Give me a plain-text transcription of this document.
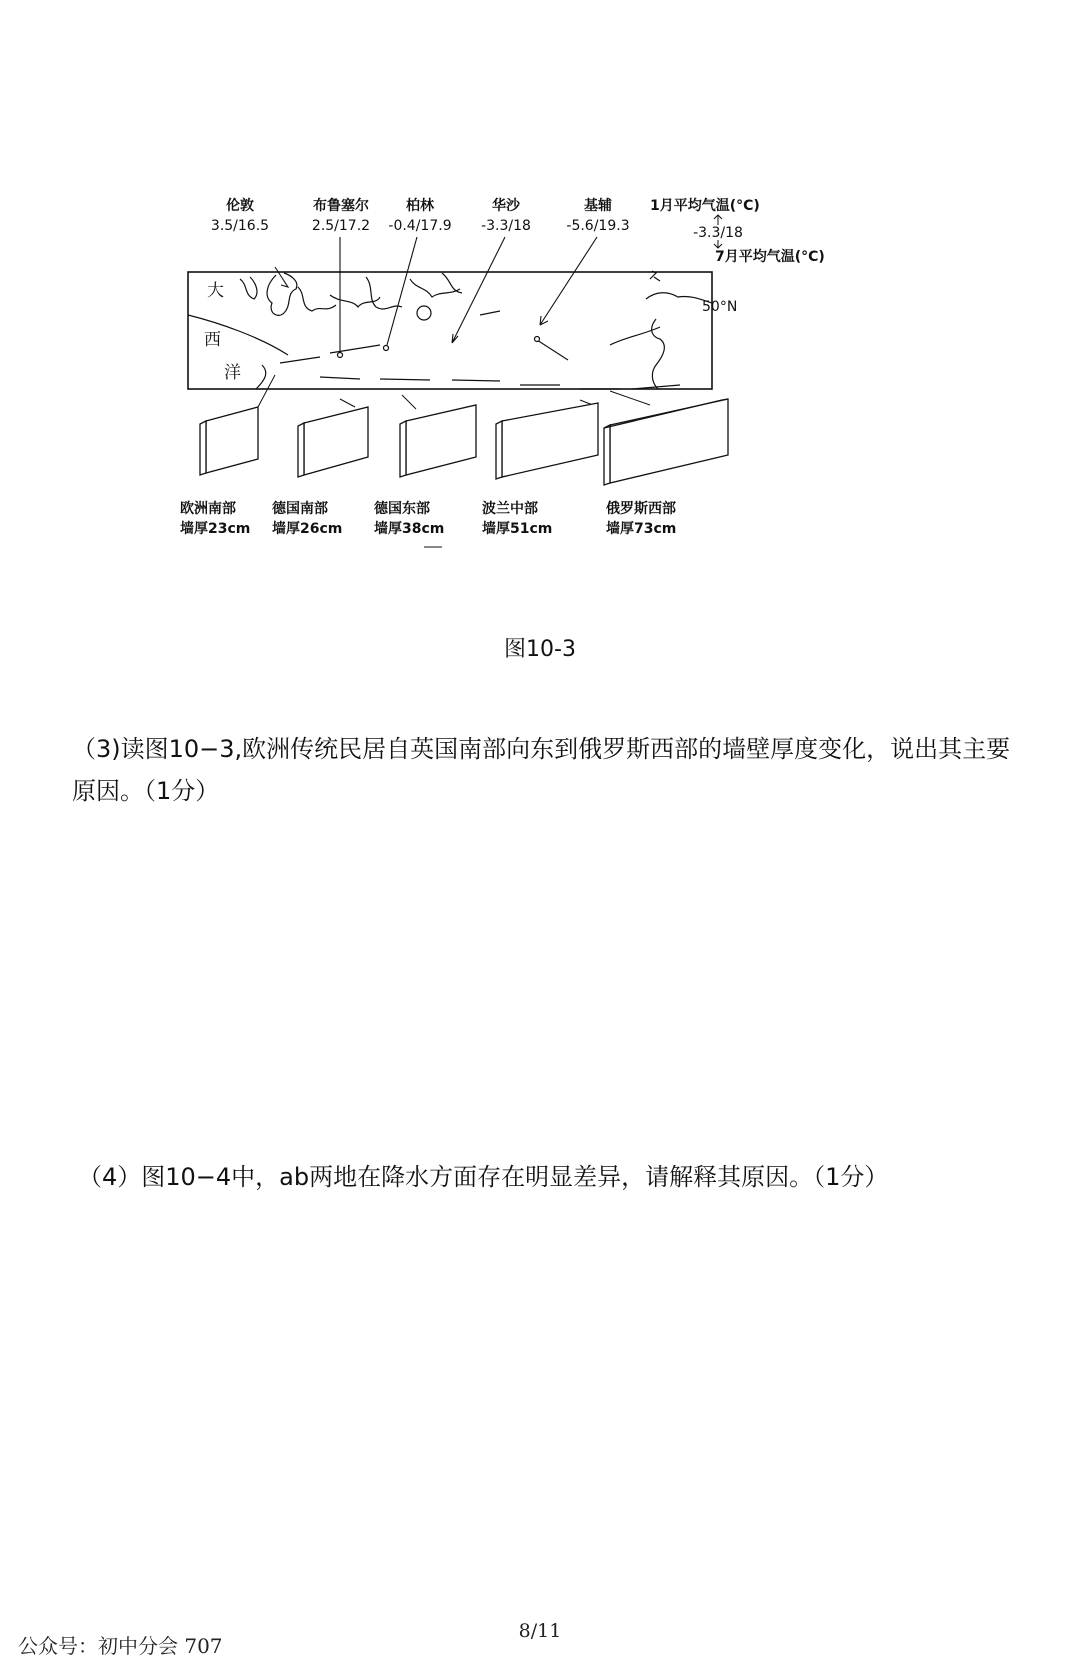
伦敦
3.5/16.5
布鲁塞尔
2.5/17.2
柏林
-0.4/17.9
华沙
-3.3/18
基辅
-5.6/19.3
1月平均气温(°C)
-3.3/18
7月平均气温(°C)
大
西
洋
50°N
欧洲南部
墙厚23cm
德国南部
墙厚26cm
德国东部
墙厚38cm
波兰中部
墙厚51cm
俄罗斯西部
墙厚73cm
图10-3
（3)读图10−3,欧洲传统民居自英国南部向东到俄罗斯西部的墙壁厚度变化，说出其主要原因。（1分）
（4）图10−4中，ab两地在降水方面存在明显差异，请解释其原因。（1分）
8/11
公众号：初中分会 707
